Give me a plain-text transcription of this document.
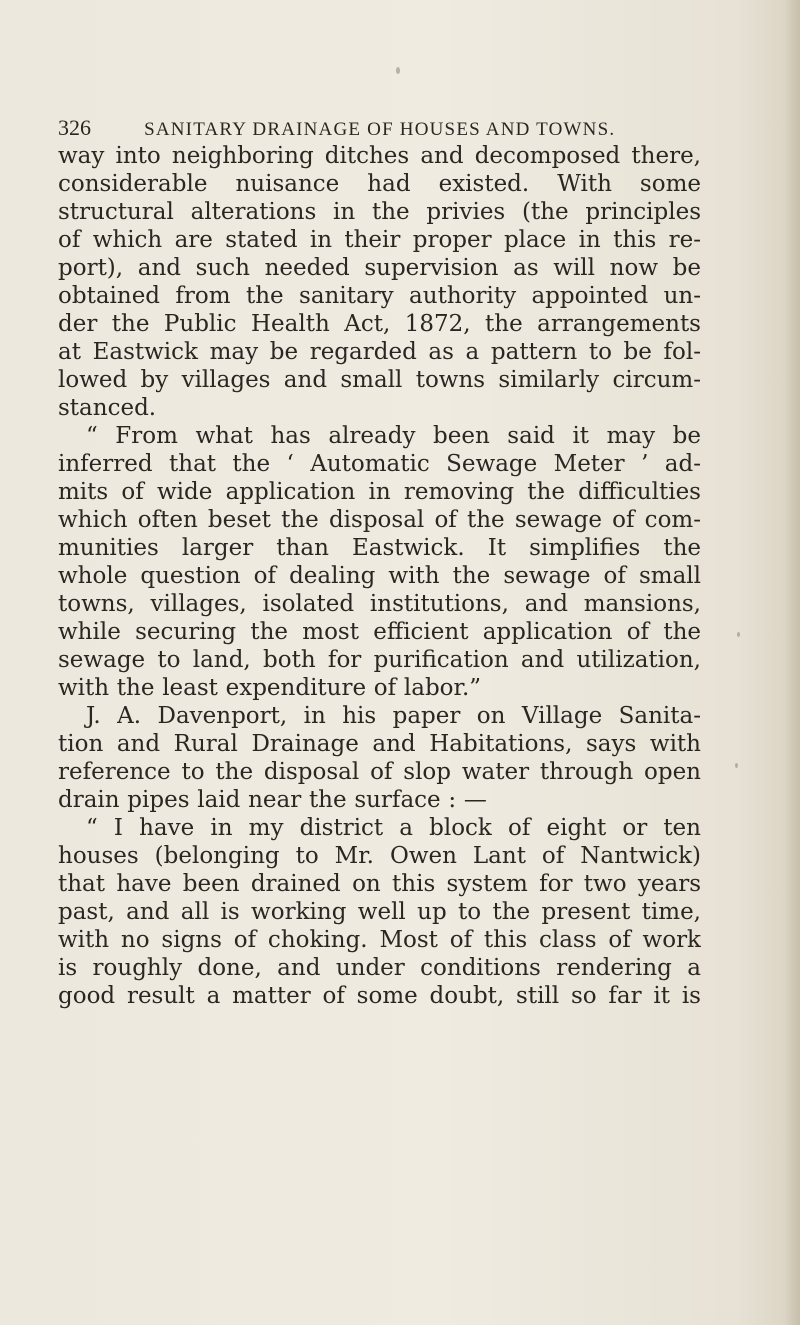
326	SANITARY DRAINAGE OF HOUSES AND TOWNS.
way into neighboring ditches and decomposed there,
considerable nuisance had existed. With some
structural alterations in the privies (the principles
of which are stated in their proper place in this re-
port), and such needed supervision as will now be
obtained from the sanitary authority appointed un-
der the Public Health Act, 1872, the arrangements
at Eastwick may be regarded as a pattern to be fol-
lowed by villages and small towns similarly circum-
stanced.
“ From what has already been said it may be
inferred that the ‘ Automatic Sewage Meter ’ ad-
mits of wide application in removing the difficulties
which often beset the disposal of the sewage of com-
munities larger than Eastwick. It simplifies the
whole question of dealing with the sewage of small
towns, villages, isolated institutions, and mansions,
while securing the most efficient application of the
sewage to land, both for purification and utilization,
with the least expenditure of labor.”
J. A. Davenport, in his paper on Village Sanita-
tion and Rural Drainage and Habitations, says with
reference to the disposal of slop water through open
drain pipes laid near the surface : —
“ I have in my district a block of eight or ten
houses (belonging to Mr. Owen Lant of Nantwick)
that have been drained on this system for two years
past, and all is working well up to the present time,
with no signs of choking. Most of this class of work
is roughly done, and under conditions rendering a
good result a matter of some doubt, still so far it is
